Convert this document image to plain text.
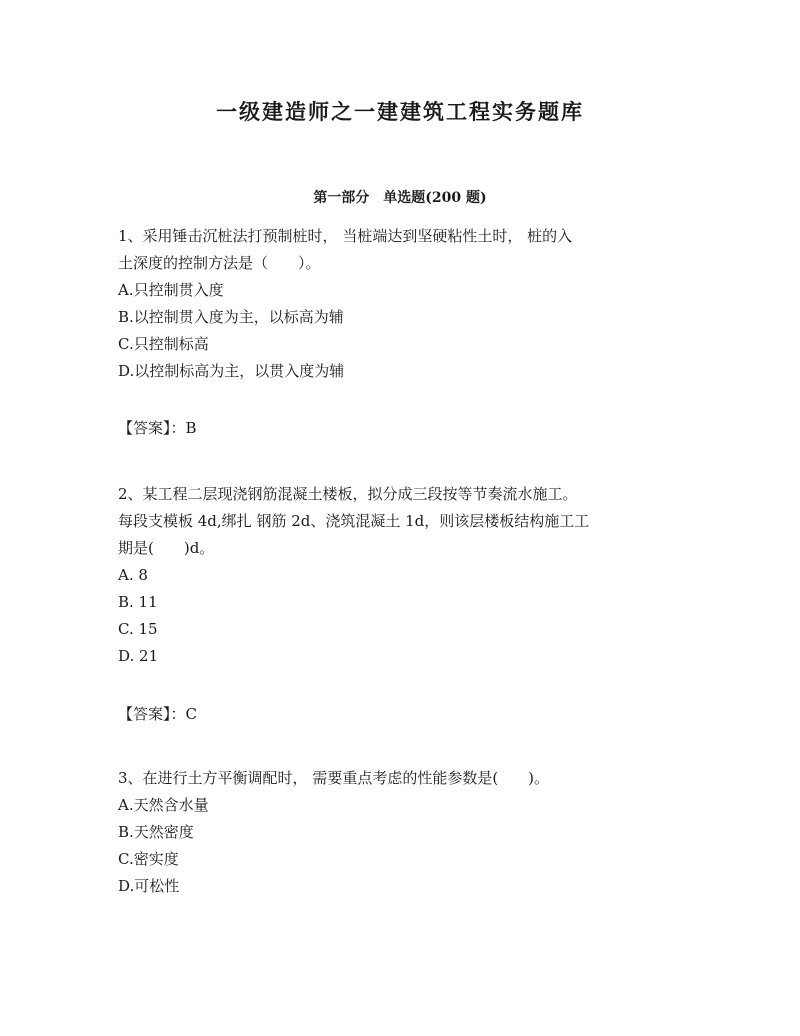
一级建造师之一建建筑工程实务题库
第一部分　单选题(200 题)

1、采用锤击沉桩法打预制桩时， 当桩端达到坚硬粘性土时， 桩的入

土深度的控制方法是（　　）。

A.只控制贯入度

B.以控制贯入度为主，以标高为辅

C.只控制标高

D.以控制标高为主，以贯入度为辅

【答案】：B

2、某工程二层现浇钢筋混凝土楼板，拟分成三段按等节奏流水施工。

每段支模板 4d,绑扎 钢筋 2d、浇筑混凝土 1d，则该层楼板结构施工工

期是(　　)d。

A. 8

B. 11

C. 15

D. 21

【答案】：C

3、在进行土方平衡调配时， 需要重点考虑的性能参数是(　　)。

A.天然含水量

B.天然密度

C.密实度

D.可松性
